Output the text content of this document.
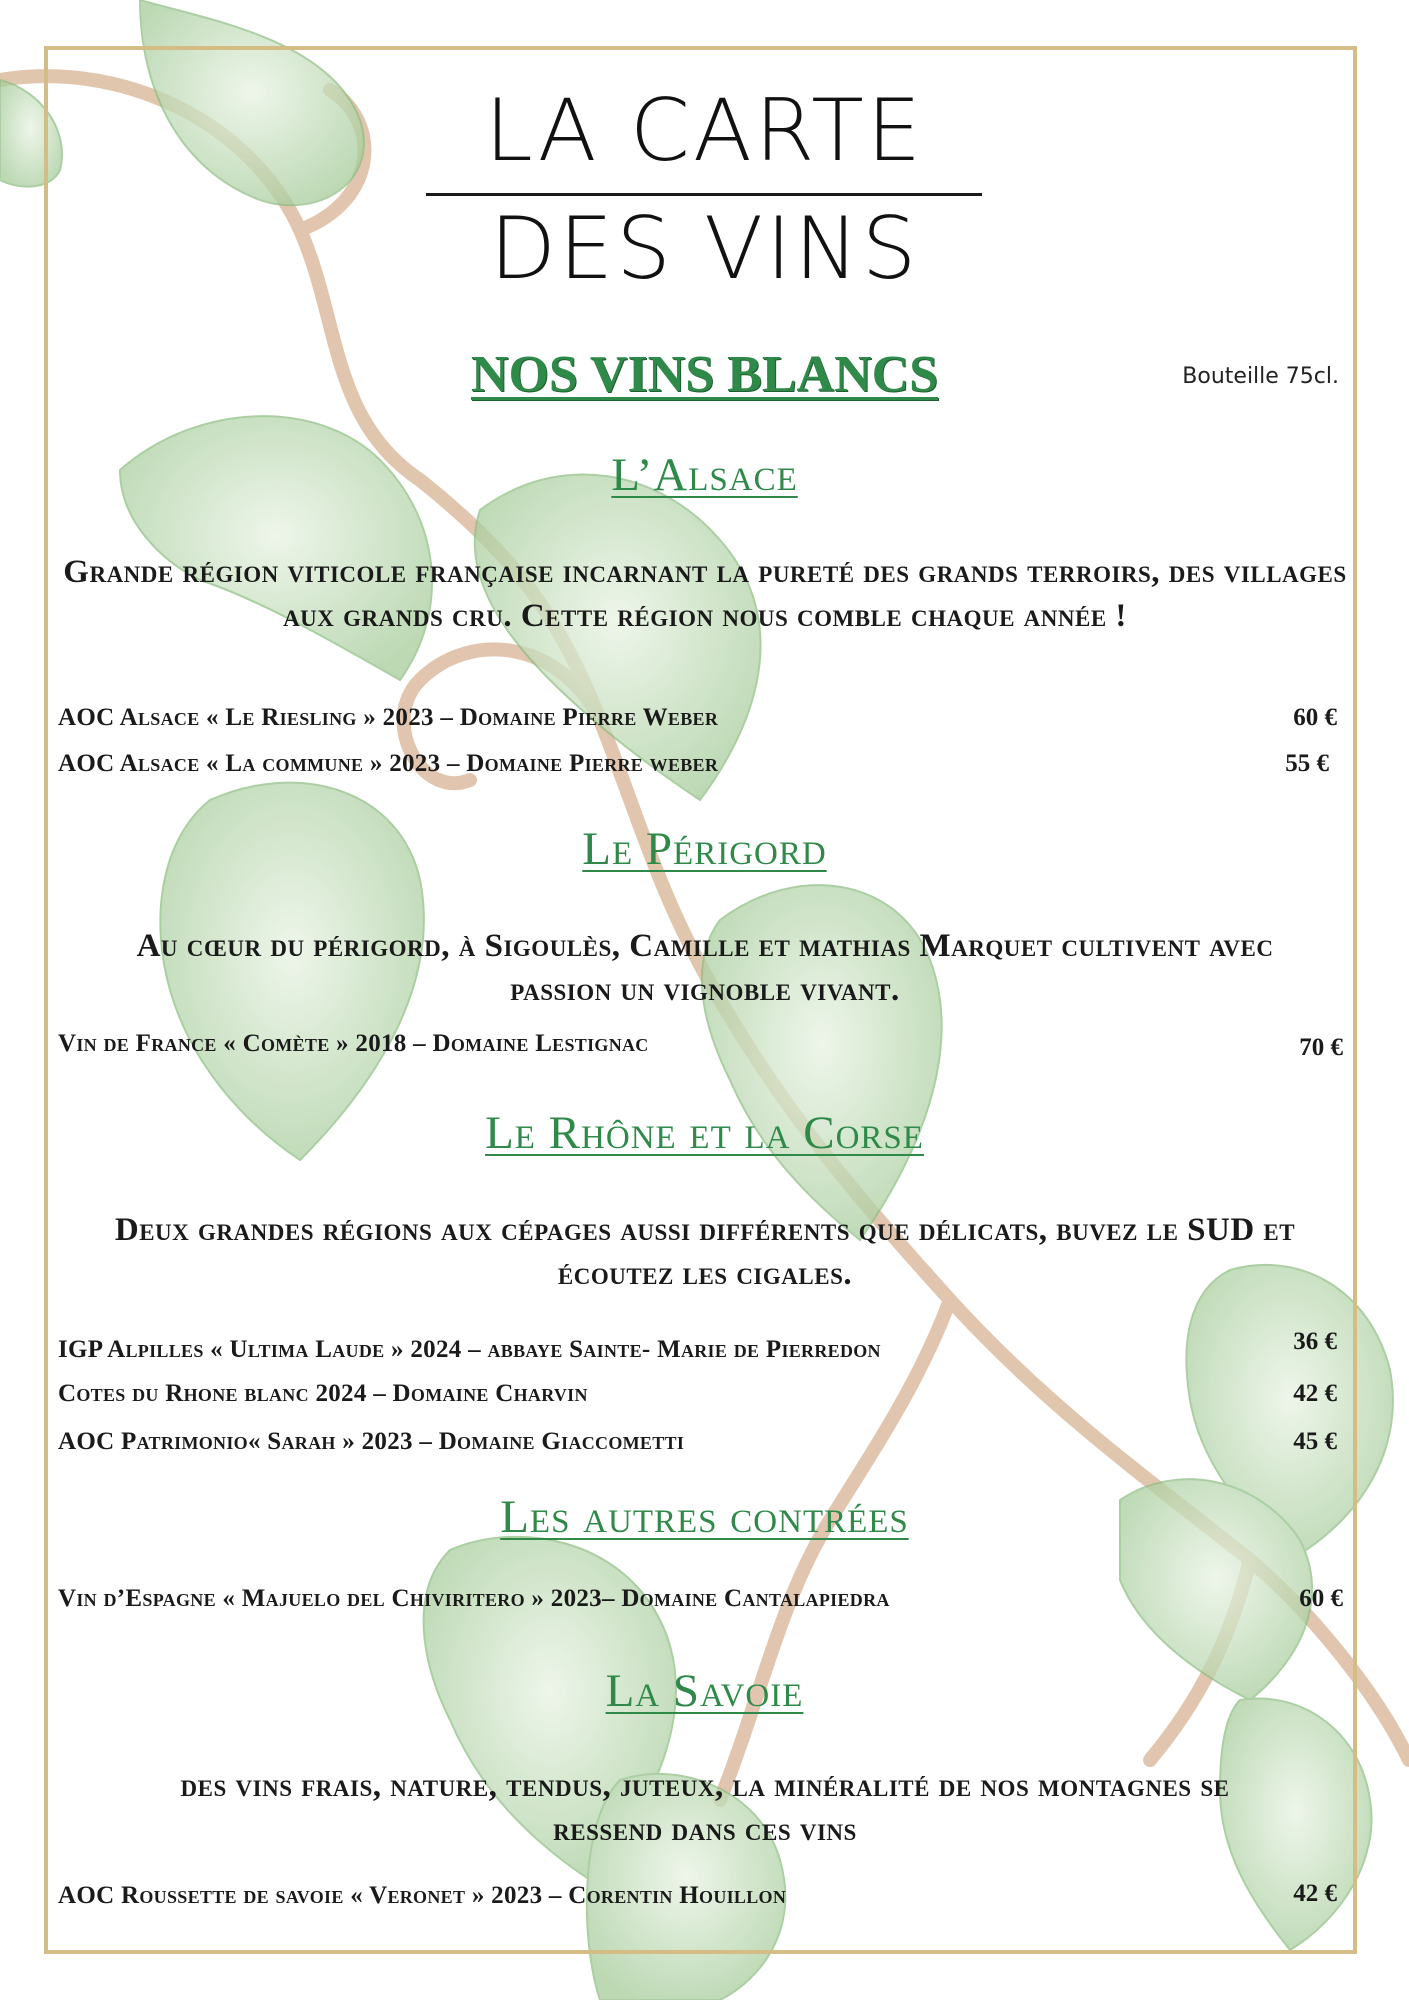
LA CARTE
DES VINS
NOS VINS BLANCS	Bouteille 75cl.
L’Alsace
Grande région viticole française incarnant la pureté des grands terroirs, des villages aux grands cru. Cette région nous comble chaque année !
AOC Alsace « Le Riesling » 2023 – Domaine Pierre Weber	60 €
AOC Alsace « La commune » 2023 – Domaine Pierre weber	55 €
Le Périgord
Au cœur du périgord, à Sigoulès, Camille et mathias Marquet cultivent avec passion un vignoble vivant.
Vin de France « Comète » 2018 – Domaine Lestignac	70 €
Le Rhône et la Corse
Deux grandes régions aux cépages aussi différents que délicats, buvez le SUD et écoutez les cigales.
IGP Alpilles « Ultima Laude » 2024 – abbaye Sainte- Marie de Pierredon	36 €
Cotes du Rhone blanc 2024 – Domaine Charvin	42 €
AOC Patrimonio« Sarah » 2023 – Domaine Giaccometti	45 €
Les autres contrées
Vin d’Espagne « Majuelo del Chiviritero » 2023– Domaine Cantalapiedra	60 €
La Savoie
des vins frais, nature, tendus, juteux, la minéralité de nos montagnes se ressend dans ces vins
AOC Roussette de savoie « Veronet » 2023 – Corentin Houillon	42 €
